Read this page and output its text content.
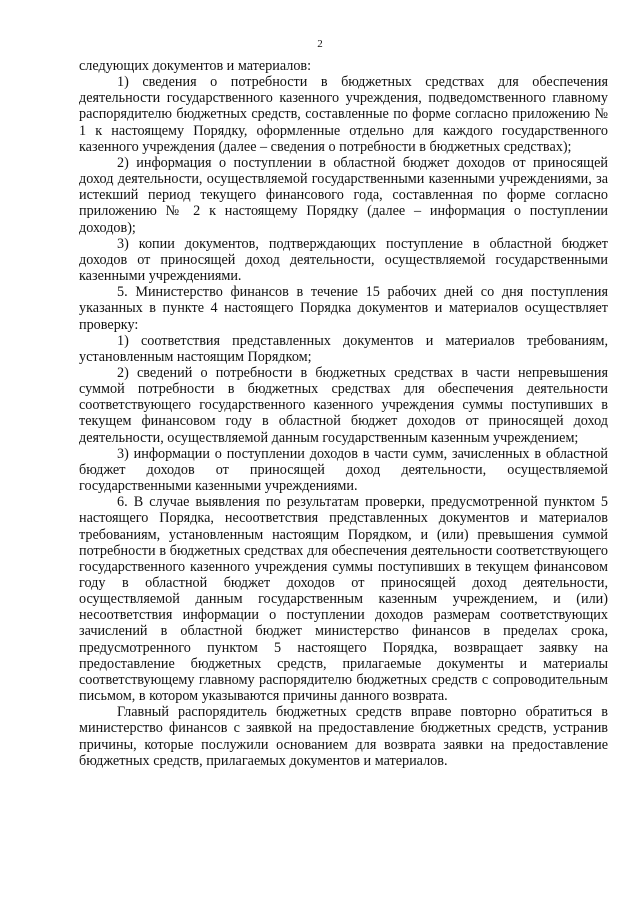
2

следующих документов и материалов:

1) сведения о потребности в бюджетных средствах для обеспечения деятельности государственного казенного учреждения, подведомственного главному распорядителю бюджетных средств, составленные по форме согласно приложению № 1 к настоящему Порядку, оформленные отдельно для каждого государственного казенного учреждения (далее – сведения о потребности в бюджетных средствах);

2) информация о поступлении в областной бюджет доходов от приносящей доход деятельности, осуществляемой государственными казенными учреждениями, за истекший период текущего финансового года, составленная по форме согласно приложению № 2 к настоящему Порядку (далее – информация о поступлении доходов);

3) копии документов, подтверждающих поступление в областной бюджет доходов от приносящей доход деятельности, осуществляемой государственными казенными учреждениями.

5. Министерство финансов в течение 15 рабочих дней со дня поступления указанных в пункте 4 настоящего Порядка документов и материалов осуществляет проверку:

1) соответствия представленных документов и материалов требованиям, установленным настоящим Порядком;

2) сведений о потребности в бюджетных средствах в части непревышения суммой потребности в бюджетных средствах для обеспечения деятельности соответствующего государственного казенного учреждения суммы поступивших в текущем финансовом году в областной бюджет доходов от приносящей доход деятельности, осуществляемой данным государственным казенным учреждением;

3) информации о поступлении доходов в части сумм, зачисленных в областной бюджет доходов от приносящей доход деятельности, осуществляемой государственными казенными учреждениями.

6. В случае выявления по результатам проверки, предусмотренной пунктом 5 настоящего Порядка, несоответствия представленных документов и материалов требованиям, установленным настоящим Порядком, и (или) превышения суммой потребности в бюджетных средствах для обеспечения деятельности соответствующего государственного казенного учреждения суммы поступивших в текущем финансовом году в областной бюджет доходов от приносящей доход деятельности, осуществляемой данным государственным казенным учреждением, и (или) несоответствия информации о поступлении доходов размерам соответствующих зачислений в областной бюджет министерство финансов в пределах срока, предусмотренного пунктом 5 настоящего Порядка, возвращает заявку на предоставление бюджетных средств, прилагаемые документы и материалы соответствующему главному распорядителю бюджетных средств с сопроводительным письмом, в котором указываются причины данного возврата.

Главный распорядитель бюджетных средств вправе повторно обратиться в министерство финансов с заявкой на предоставление бюджетных средств, устранив причины, которые послужили основанием для возврата заявки на предоставление бюджетных средств, прилагаемых документов и материалов.
